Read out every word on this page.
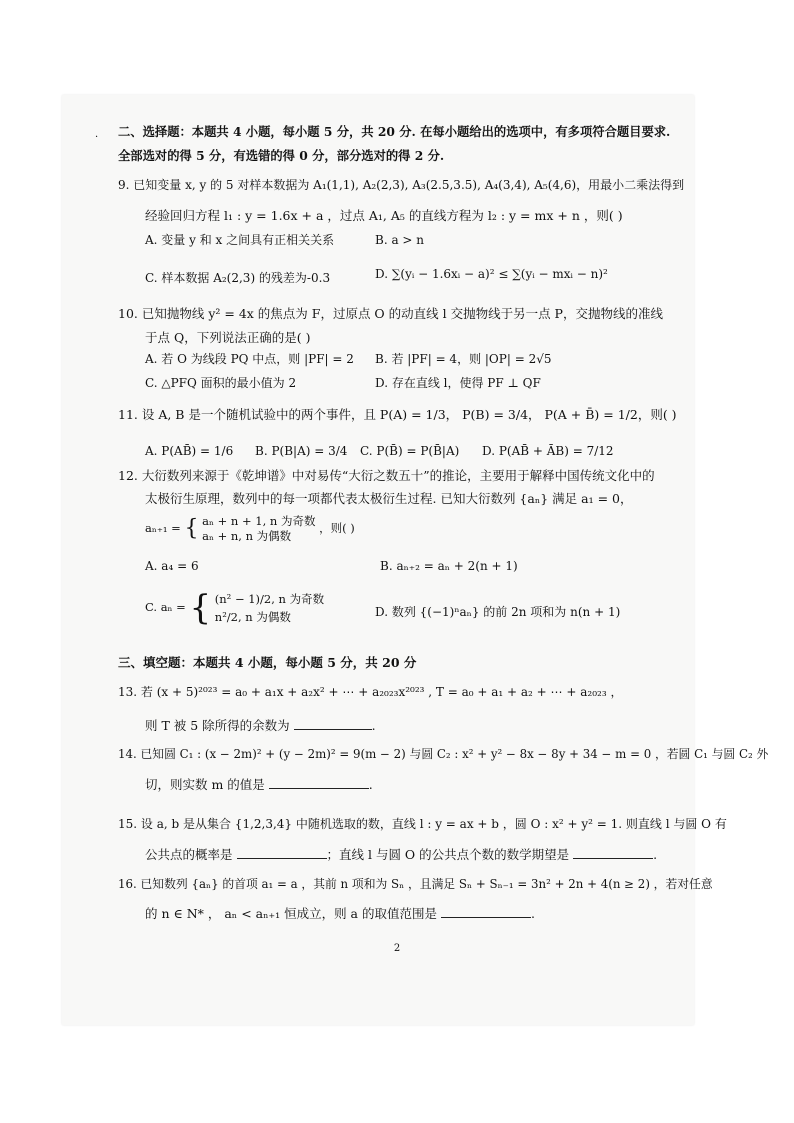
· 二、选择题：本题共 4 小题，每小题 5 分，共 20 分. 在每小题给出的选项中，有多项符合题目要求.
全部选对的得 5 分，有选错的得 0 分，部分选对的得 2 分.
9. 已知变量 x, y 的 5 对样本数据为 A₁(1,1), A₂(2,3), A₃(2.5,3.5), A₄(3,4), A₅(4,6)，用最小二乘法得到
经验回归方程 l₁ : y = 1.6x + a ，过点 A₁, A₅ 的直线方程为 l₂ : y = mx + n ，则( )
A. 变量 y 和 x 之间具有正相关关系	B. a > n
C. 样本数据 A₂(2,3) 的残差为-0.3	D. ∑(yᵢ − 1.6xᵢ − a)² ≤ ∑(yᵢ − mxᵢ − n)²
10. 已知抛物线 y² = 4x 的焦点为 F，过原点 O 的动直线 l 交抛物线于另一点 P，交抛物线的准线
于点 Q，下列说法正确的是( )
A. 若 O 为线段 PQ 中点，则 |PF| = 2 B. 若 |PF| = 4，则 |OP| = 2√5
C. △PFQ 面积的最小值为 2	D. 存在直线 l，使得 PF ⊥ QF
11. 设 A, B 是一个随机试验中的两个事件，且 P(A) = 1/3， P(B) = 3/4， P(A + B̄) = 1/2，则( )
A. P(AB̄) = 1/6 B. P(B|A) = 3/4 C. P(B̄) = P(B̄|A) D. P(AB̄ + ĀB) = 7/12
12. 大衍数列来源于《乾坤谱》中对易传“大衍之数五十”的推论，主要用于解释中国传统文化中的
太极衍生原理，数列中的每一项都代表太极衍生过程. 已知大衍数列 {aₙ} 满足 a₁ = 0，
aₙ₊₁ = { aₙ + n + 1, n 为奇数
aₙ + n, n 为偶数 ，则( )
A. a₄ = 6	B. aₙ₊₂ = aₙ + 2(n + 1)
C. aₙ = { (n² − 1)/2, n 为奇数
n²/2, n 为偶数	D. 数列 {(−1)ⁿaₙ} 的前 2n 项和为 n(n + 1)
三、填空题：本题共 4 小题，每小题 5 分，共 20 分
13. 若 (x + 5)²⁰²³ = a₀ + a₁x + a₂x² + ⋯ + a₂₀₂₃x²⁰²³ , T = a₀ + a₁ + a₂ + ⋯ + a₂₀₂₃ ，
则 T 被 5 除所得的余数为	.
14. 已知圆 C₁ : (x − 2m)² + (y − 2m)² = 9(m − 2) 与圆 C₂ : x² + y² − 8x − 8y + 34 − m = 0 ，若圆 C₁ 与圆 C₂ 外
切，则实数 m 的值是	.
15. 设 a, b 是从集合 {1,2,3,4} 中随机选取的数，直线 l : y = ax + b ，圆 O : x² + y² = 1. 则直线 l 与圆 O 有
公共点的概率是	；直线 l 与圆 O 的公共点个数的数学期望是	.
16. 已知数列 {aₙ} 的首项 a₁ = a ，其前 n 项和为 Sₙ ，且满足 Sₙ + Sₙ₋₁ = 3n² + 2n + 4(n ≥ 2) ，若对任意
的 n ∈ N* ， aₙ < aₙ₊₁ 恒成立，则 a 的取值范围是	.
2
